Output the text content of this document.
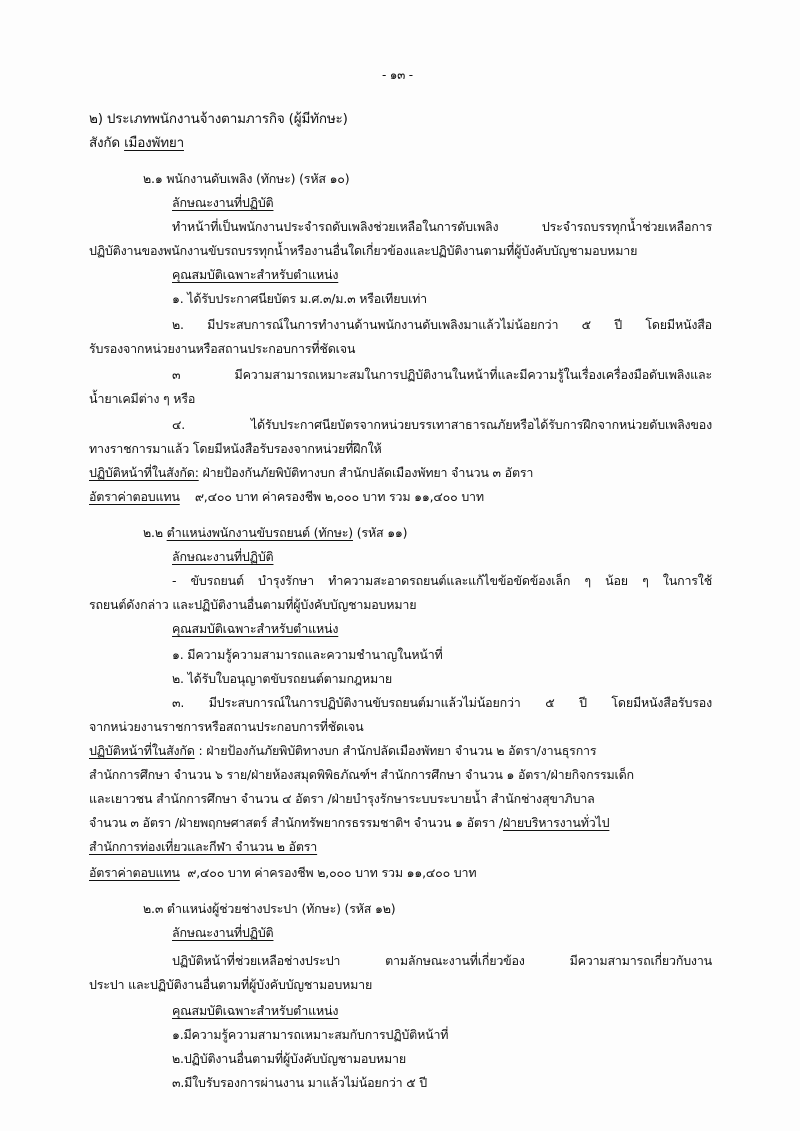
- ๑๓ -
๒) ประเภทพนักงานจ้างตามภารกิจ (ผู้มีทักษะ)
สังกัด เมืองพัทยา
๒.๑ พนักงานดับเพลิง (ทักษะ) (รหัส ๑๐)
ลักษณะงานที่ปฏิบัติ
ทำหน้าที่เป็นพนักงานประจำรถดับเพลิงช่วยเหลือในการดับเพลิง ประจำรถบรรทุกน้ำช่วยเหลือการ
ปฏิบัติงานของพนักงานขับรถบรรทุกน้ำหรืองานอื่นใดเกี่ยวข้องและปฏิบัติงานตามที่ผู้บังคับบัญชามอบหมาย
คุณสมบัติเฉพาะสำหรับตำแหน่ง
๑. ได้รับประกาศนียบัตร ม.ศ.๓/ม.๓ หรือเทียบเท่า
๒. มีประสบการณ์ในการทำงานด้านพนักงานดับเพลิงมาแล้วไม่น้อยกว่า ๕ ปี โดยมีหนังสือ
รับรองจากหน่วยงานหรือสถานประกอบการที่ชัดเจน
๓ มีความสามารถเหมาะสมในการปฏิบัติงานในหน้าที่และมีความรู้ในเรื่องเครื่องมือดับเพลิงและ
น้ำยาเคมีต่าง ๆ หรือ
๔. ได้รับประกาศนียบัตรจากหน่วยบรรเทาสาธารณภัยหรือได้รับการฝึกจากหน่วยดับเพลิงของ
ทางราชการมาแล้ว โดยมีหนังสือรับรองจากหน่วยที่ฝึกให้
ปฏิบัติหน้าที่ในสังกัด: ฝ่ายป้องกันภัยพิบัติทางบก สำนักปลัดเมืองพัทยา จำนวน ๓ อัตรา
อัตราค่าตอบแทน ๙,๔๐๐ บาท ค่าครองชีพ ๒,๐๐๐ บาท รวม ๑๑,๔๐๐ บาท
๒.๒ ตำแหน่งพนักงานขับรถยนต์ (ทักษะ) (รหัส ๑๑)
ลักษณะงานที่ปฏิบัติ
- ขับรถยนต์ บำรุงรักษา ทำความสะอาดรถยนต์และแก้ไขข้อขัดข้องเล็ก ๆ น้อย ๆ ในการใช้
รถยนต์ดังกล่าว และปฏิบัติงานอื่นตามที่ผู้บังคับบัญชามอบหมาย
คุณสมบัติเฉพาะสำหรับตำแหน่ง
๑. มีความรู้ความสามารถและความชำนาญในหน้าที่
๒. ได้รับใบอนุญาตขับรถยนต์ตามกฎหมาย
๓. มีประสบการณ์ในการปฏิบัติงานขับรถยนต์มาแล้วไม่น้อยกว่า ๕ ปี โดยมีหนังสือรับรอง
จากหน่วยงานราชการหรือสถานประกอบการที่ชัดเจน
ปฏิบัติหน้าที่ในสังกัด : ฝ่ายป้องกันภัยพิบัติทางบก สำนักปลัดเมืองพัทยา จำนวน ๒ อัตรา/งานธุรการ
สำนักการศึกษา จำนวน ๖ ราย/ฝ่ายห้องสมุดพิพิธภัณฑ์ฯ สำนักการศึกษา จำนวน ๑ อัตรา/ฝ่ายกิจกรรมเด็ก
และเยาวชน สำนักการศึกษา จำนวน ๔ อัตรา /ฝ่ายบำรุงรักษาระบบระบายน้ำ สำนักช่างสุขาภิบาล
จำนวน ๓ อัตรา /ฝ่ายพฤกษศาสตร์ สำนักทรัพยากรธรรมชาติฯ จำนวน ๑ อัตรา /ฝ่ายบริหารงานทั่วไป
สำนักการท่องเที่ยวและกีฬา จำนวน ๒ อัตรา
อัตราค่าตอบแทน ๙,๔๐๐ บาท ค่าครองชีพ ๒,๐๐๐ บาท รวม ๑๑,๔๐๐ บาท
๒.๓ ตำแหน่งผู้ช่วยช่างประปา (ทักษะ) (รหัส ๑๒)
ลักษณะงานที่ปฏิบัติ
ปฏิบัติหน้าที่ช่วยเหลือช่างประปา ตามลักษณะงานที่เกี่ยวข้อง มีความสามารถเกี่ยวกับงาน
ประปา และปฏิบัติงานอื่นตามที่ผู้บังคับบัญชามอบหมาย
คุณสมบัติเฉพาะสำหรับตำแหน่ง
๑.มีความรู้ความสามารถเหมาะสมกับการปฏิบัติหน้าที่
๒.ปฏิบัติงานอื่นตามที่ผู้บังคับบัญชามอบหมาย
๓.มีใบรับรองการผ่านงาน มาแล้วไม่น้อยกว่า ๕ ปี
